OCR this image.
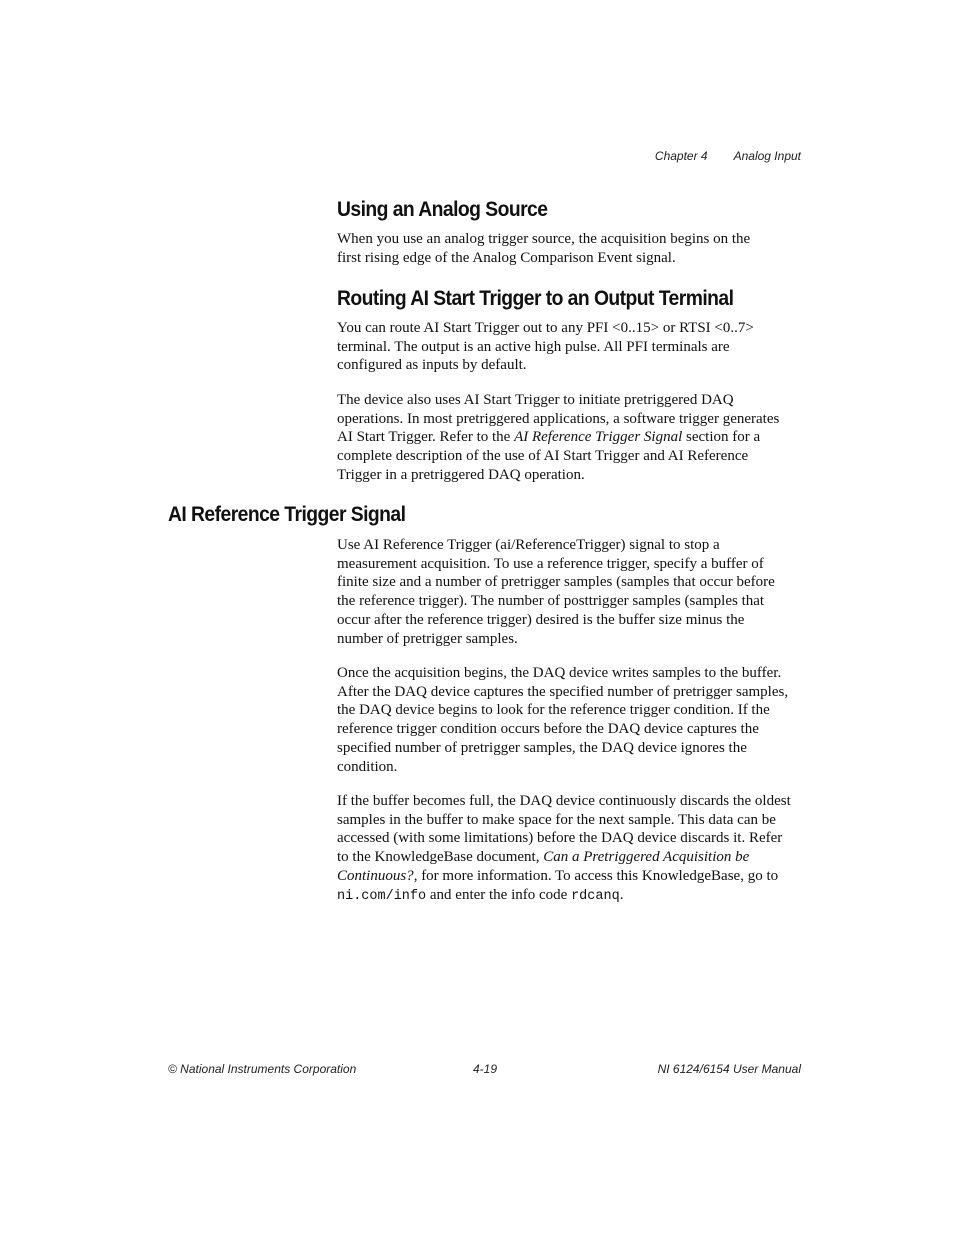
Chapter 4 Analog Input
Using an Analog Source

When you use an analog trigger source, the acquisition begins on the
first rising edge of the Analog Comparison Event signal.

Routing AI Start Trigger to an Output Terminal

You can route AI Start Trigger out to any PFI <0..15> or RTSI <0..7>
terminal. The output is an active high pulse. All PFI terminals are
configured as inputs by default.

The device also uses AI Start Trigger to initiate pretriggered DAQ
operations. In most pretriggered applications, a software trigger generates
AI Start Trigger. Refer to the AI Reference Trigger Signal section for a
complete description of the use of AI Start Trigger and AI Reference
Trigger in a pretriggered DAQ operation.

AI Reference Trigger Signal

Use AI Reference Trigger (ai/ReferenceTrigger) signal to stop a
measurement acquisition. To use a reference trigger, specify a buffer of
finite size and a number of pretrigger samples (samples that occur before
the reference trigger). The number of posttrigger samples (samples that
occur after the reference trigger) desired is the buffer size minus the
number of pretrigger samples.

Once the acquisition begins, the DAQ device writes samples to the buffer.
After the DAQ device captures the specified number of pretrigger samples,
the DAQ device begins to look for the reference trigger condition. If the
reference trigger condition occurs before the DAQ device captures the
specified number of pretrigger samples, the DAQ device ignores the
condition.

If the buffer becomes full, the DAQ device continuously discards the oldest
samples in the buffer to make space for the next sample. This data can be
accessed (with some limitations) before the DAQ device discards it. Refer
to the KnowledgeBase document, Can a Pretriggered Acquisition be
Continuous?, for more information. To access this KnowledgeBase, go to
ni.com/info and enter the info code rdcanq.

© National Instruments Corporation	4-19	NI 6124/6154 User Manual
